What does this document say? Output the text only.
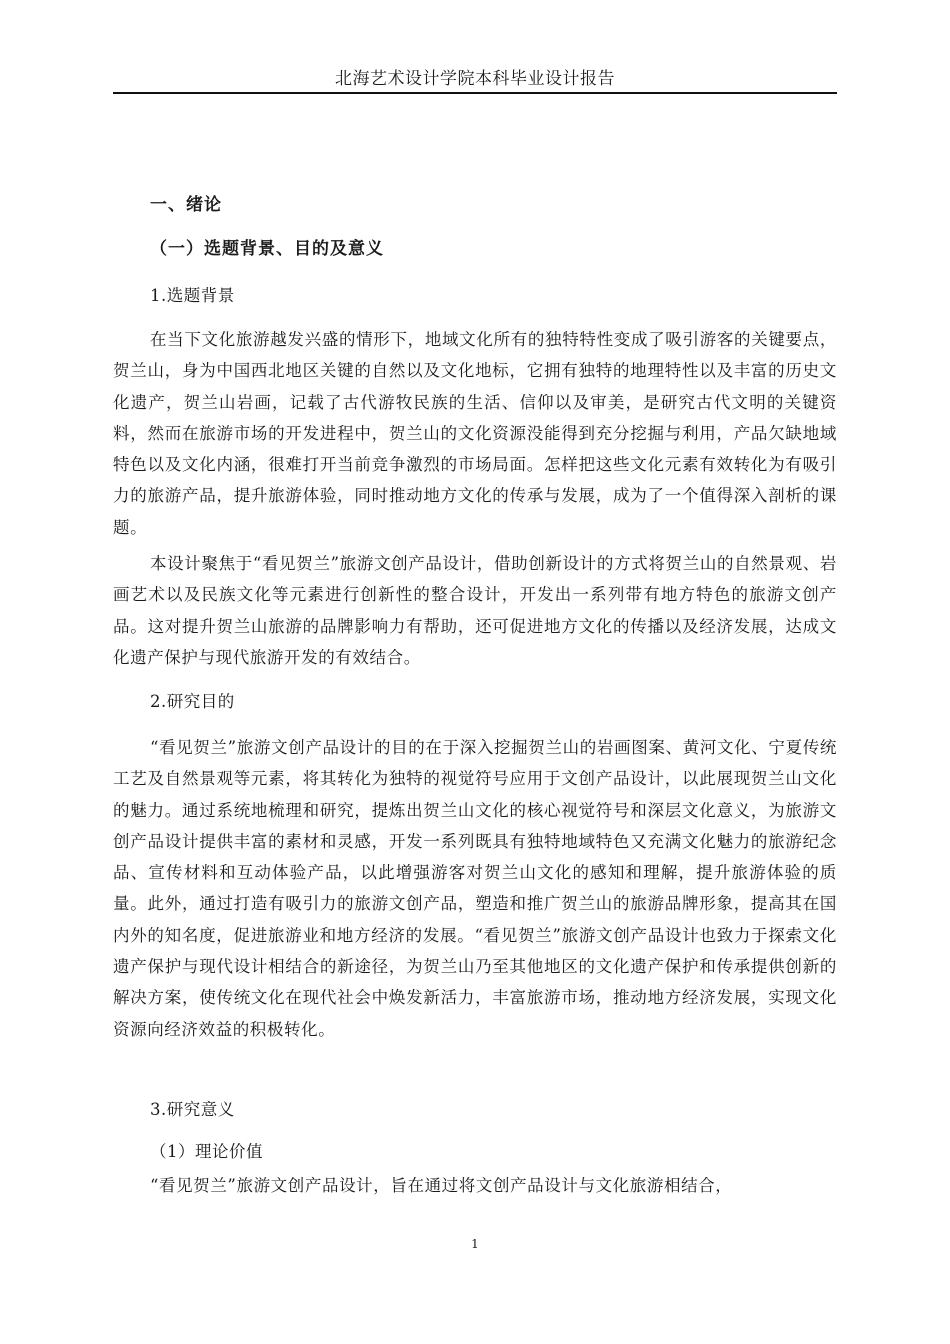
北海艺术设计学院本科毕业设计报告
一、绪论
（一）选题背景、目的及意义
1.选题背景

在当下文化旅游越发兴盛的情形下，地域文化所有的独特特性变成了吸引游客的关键要点，贺兰山，身为中国西北地区关键的自然以及文化地标，它拥有独特的地理特性以及丰富的历史文化遗产，贺兰山岩画，记载了古代游牧民族的生活、信仰以及审美，是研究古代文明的关键资料，然而在旅游市场的开发进程中，贺兰山的文化资源没能得到充分挖掘与利用，产品欠缺地域特色以及文化内涵，很难打开当前竞争激烈的市场局面。怎样把这些文化元素有效转化为有吸引力的旅游产品，提升旅游体验，同时推动地方文化的传承与发展，成为了一个值得深入剖析的课题。

本设计聚焦于“看见贺兰”旅游文创产品设计，借助创新设计的方式将贺兰山的自然景观、岩画艺术以及民族文化等元素进行创新性的整合设计，开发出一系列带有地方特色的旅游文创产品。这对提升贺兰山旅游的品牌影响力有帮助，还可促进地方文化的传播以及经济发展，达成文化遗产保护与现代旅游开发的有效结合。

2.研究目的

“看见贺兰”旅游文创产品设计的目的在于深入挖掘贺兰山的岩画图案、黄河文化、宁夏传统工艺及自然景观等元素，将其转化为独特的视觉符号应用于文创产品设计，以此展现贺兰山文化的魅力。通过系统地梳理和研究，提炼出贺兰山文化的核心视觉符号和深层文化意义，为旅游文创产品设计提供丰富的素材和灵感，开发一系列既具有独特地域特色又充满文化魅力的旅游纪念品、宣传材料和互动体验产品，以此增强游客对贺兰山文化的感知和理解，提升旅游体验的质量。此外，通过打造有吸引力的旅游文创产品，塑造和推广贺兰山的旅游品牌形象，提高其在国内外的知名度，促进旅游业和地方经济的发展。“看见贺兰”旅游文创产品设计也致力于探索文化遗产保护与现代设计相结合的新途径，为贺兰山乃至其他地区的文化遗产保护和传承提供创新的解决方案，使传统文化在现代社会中焕发新活力，丰富旅游市场，推动地方经济发展，实现文化资源向经济效益的积极转化。

3.研究意义
（1）理论价值

“看见贺兰”旅游文创产品设计，旨在通过将文创产品设计与文化旅游相结合，

1
